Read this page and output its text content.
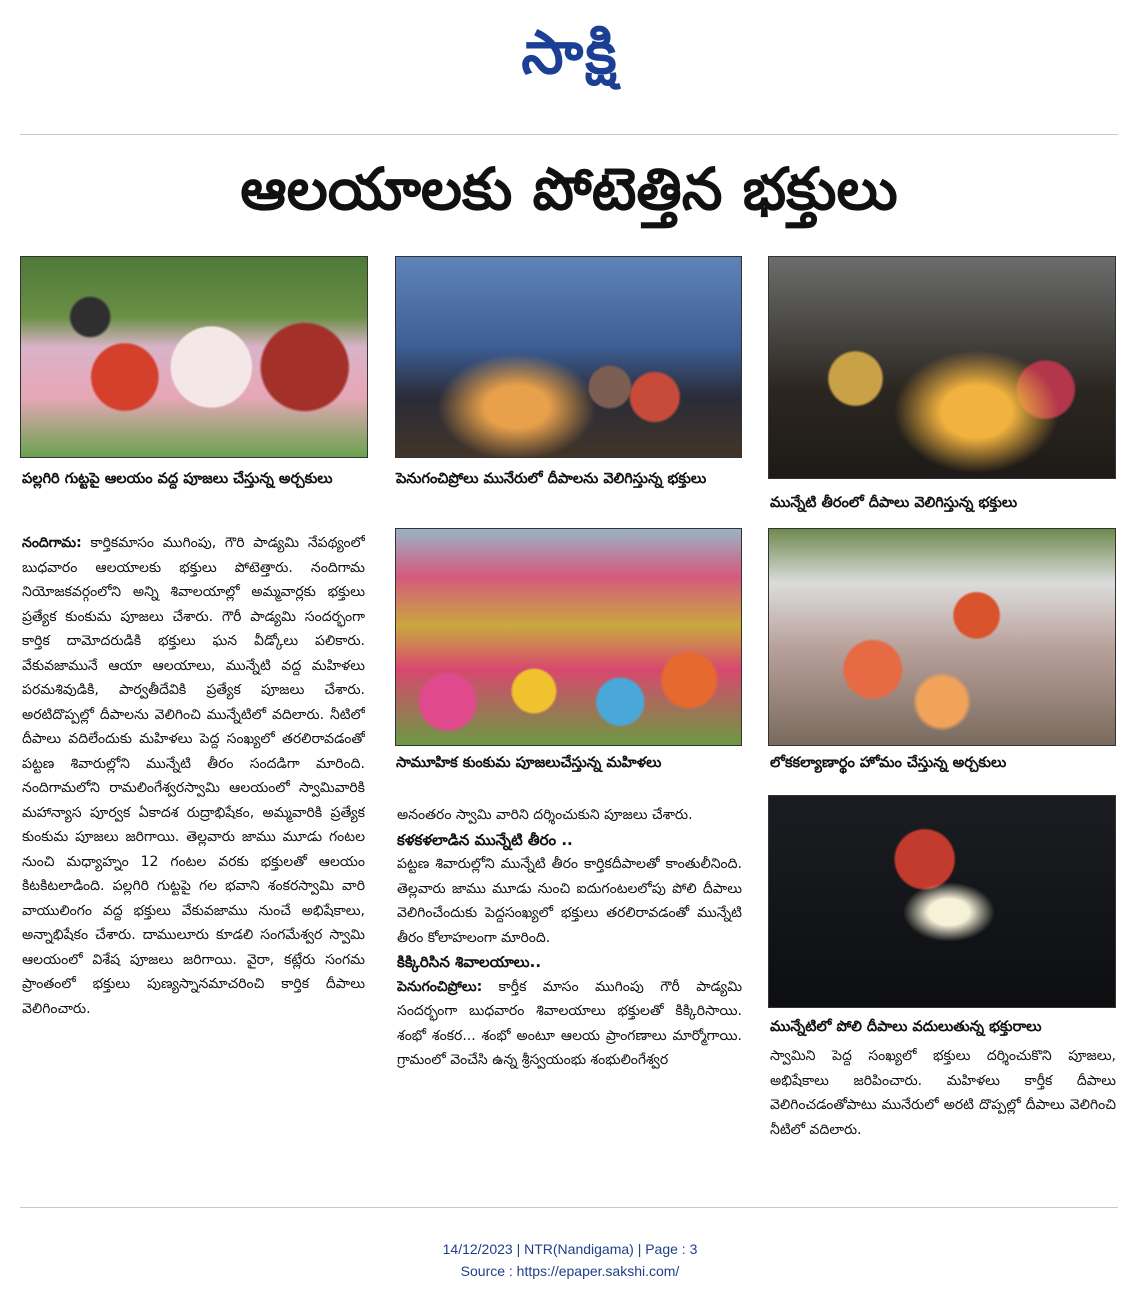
సాక్షి
ఆలయాలకు పోటెత్తిన భక్తులు
పల్లగిరి గుట్టపై ఆలయం వద్ద పూజలు చేస్తున్న అర్చకులు	పెనుగంచిప్రోలు మునేరులో దీపాలను వెలిగిస్తున్న భక్తులు
మున్నేటి తీరంలో దీపాలు వెలిగిస్తున్న భక్తులు
సామూహిక కుంకుమ పూజలుచేస్తున్న మహిళలు	లోకకల్యాణార్థం హోమం చేస్తున్న అర్చకులు
మున్నేటిలో పోలి దీపాలు వదులుతున్న భక్తురాలు

నందిగామ: కార్తికమాసం ముగింపు, గౌరి పాడ్యమి నేపథ్యంలో బుధవారం ఆలయాలకు భక్తులు పోటెత్తారు. నందిగామ నియోజకవర్గంలోని అన్ని శివాలయాల్లో అమ్మవార్లకు భక్తులు ప్రత్యేక కుంకుమ పూజలు చేశారు. గౌరీ పాడ్యమి సందర్భంగా కార్తిక దామోదరుడికి భక్తులు ఘన వీడ్కోలు పలికారు. వేకువజామునే ఆయా ఆలయాలు, మున్నేటి వద్ద మహిళలు పరమశివుడికి, పార్వతీదేవికి ప్రత్యేక పూజలు చేశారు. అరటిదొప్పల్లో దీపాలను వెలిగించి మున్నేటిలో వదిలారు. నీటిలో దీపాలు వదిలేందుకు మహిళలు పెద్ద సంఖ్యలో తరలిరావడంతో పట్టణ శివారుల్లోని మున్నేటి తీరం సందడిగా మారింది. నందిగామలోని రామలింగేశ్వరస్వామి ఆలయంలో స్వామివారికి మహాన్యాస పూర్వక ఏకాదశ రుద్రాభిషేకం, అమ్మవారికి ప్రత్యేక కుంకుమ పూజలు జరిగాయి. తెల్లవారు జాము మూడు గంటల నుంచి మధ్యాహ్నం 12 గంటల వరకు భక్తులతో ఆలయం కిటకిటలాడింది. పల్లగిరి గుట్టపై గల భవాని శంకరస్వామి వారి వాయులింగం వద్ద భక్తులు వేకువజాము నుంచే అభిషేకాలు, అన్నాభిషేకం చేశారు. దాములూరు కూడలి సంగమేశ్వర స్వామి ఆలయంలో విశేష పూజలు జరిగాయి. వైరా, కట్లేరు సంగమ ప్రాంతంలో భక్తులు పుణ్యస్నానమాచరించి కార్తిక దీపాలు వెలిగించారు.

అనంతరం స్వామి వారిని దర్శించుకుని పూజలు చేశారు.

కళకళలాడిన మున్నేటి తీరం ..

పట్టణ శివారుల్లోని మున్నేటి తీరం కార్తికదీపాలతో కాంతులీనింది. తెల్లవారు జాము మూడు నుంచి ఐదుగంటలలోపు పోలి దీపాలు వెలిగించేందుకు పెద్దసంఖ్యలో భక్తులు తరలిరావడంతో మున్నేటి తీరం కోలాహలంగా మారింది.

కిక్కిరిసిన శివాలయాలు..

పెనుగంచిప్రోలు: కార్తీక మాసం ముగింపు గౌరీ పాడ్యమి సందర్భంగా బుధవారం శివాలయాలు భక్తులతో కిక్కిరిసాయి. శంభో శంకర... శంభో అంటూ ఆలయ ప్రాంగణాలు మార్మోగాయి. గ్రామంలో వెంచేసి ఉన్న శ్రీస్వయంభు శంభులింగేశ్వర	స్వామిని పెద్ద సంఖ్యలో భక్తులు దర్శించుకొని పూజలు, అభిషేకాలు జరిపించారు. మహిళలు కార్తీక దీపాలు వెలిగించడంతోపాటు మునేరులో అరటి దొప్పల్లో దీపాలు వెలిగించి నీటిలో వదిలారు.

14/12/2023 | NTR(Nandigama) | Page : 3
Source : https://epaper.sakshi.com/
